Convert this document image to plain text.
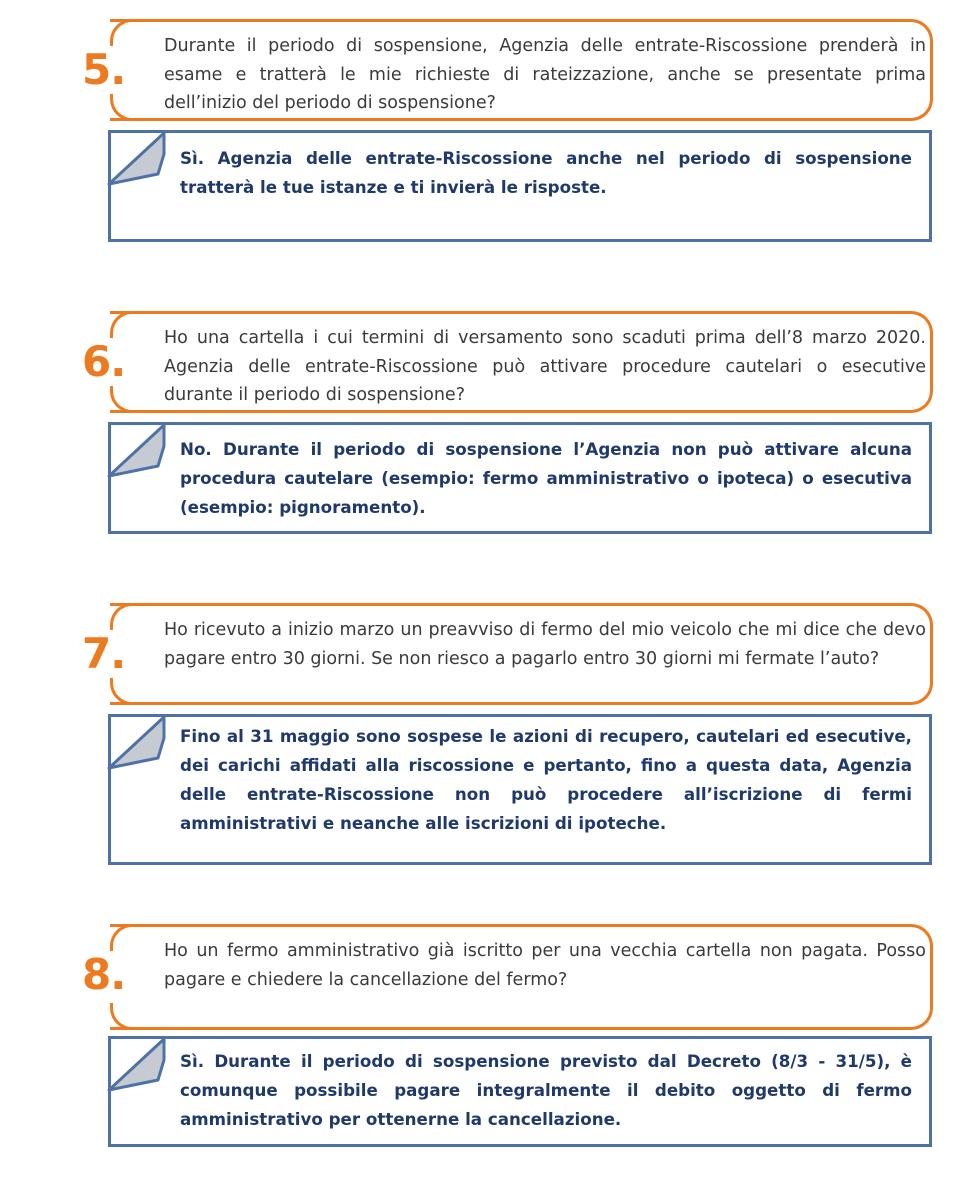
5. Durante il periodo di sospensione, Agenzia delle entrate-Riscossione prenderà in esame e tratterà le mie richieste di rateizzazione, anche se presentate prima dell’inizio del periodo di sospensione?

Sì. Agenzia delle entrate-Riscossione anche nel periodo di sospensione tratterà le tue istanze e ti invierà le risposte.

6. Ho una cartella i cui termini di versamento sono scaduti prima dell’8 marzo 2020. Agenzia delle entrate-Riscossione può attivare procedure cautelari o esecutive durante il periodo di sospensione?

No. Durante il periodo di sospensione l’Agenzia non può attivare alcuna procedura cautelare (esempio: fermo amministrativo o ipoteca) o esecutiva (esempio: pignoramento).

7. Ho ricevuto a inizio marzo un preavviso di fermo del mio veicolo che mi dice che devo pagare entro 30 giorni. Se non riesco a pagarlo entro 30 giorni mi fermate l’auto?

Fino al 31 maggio sono sospese le azioni di recupero, cautelari ed esecutive, dei carichi affidati alla riscossione e pertanto, fino a questa data, Agenzia delle entrate-Riscossione non può procedere all’iscrizione di fermi amministrativi e neanche alle iscrizioni di ipoteche.

8. Ho un fermo amministrativo già iscritto per una vecchia cartella non pagata. Posso pagare e chiedere la cancellazione del fermo?

Sì. Durante il periodo di sospensione previsto dal Decreto (8/3 - 31/5), è comunque possibile pagare integralmente il debito oggetto di fermo amministrativo per ottenerne la cancellazione.
